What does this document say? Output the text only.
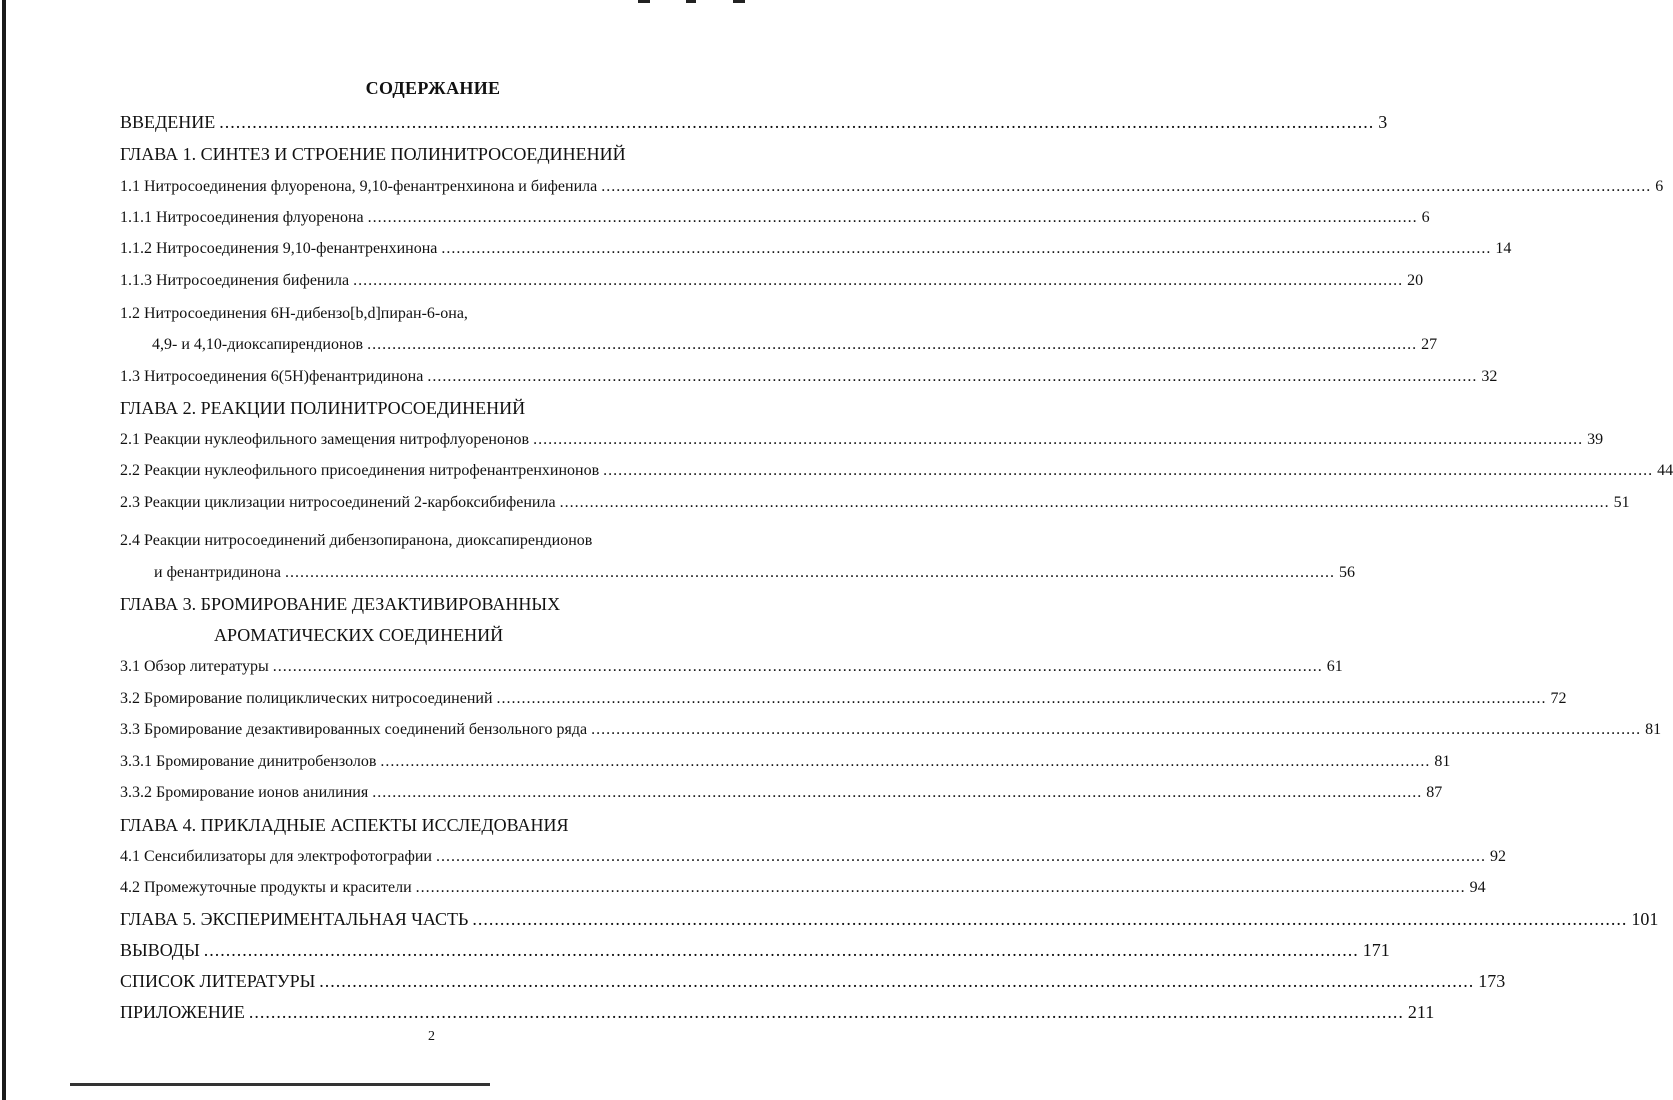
СОДЕРЖАНИЕ
ВВЕДЕНИЕ .................................................................................................................................................................................................................. 3
ГЛАВА 1. СИНТЕЗ И СТРОЕНИЕ ПОЛИНИТРОСОЕДИНЕНИЙ
1.1 Нитросоединения флуоренона, 9,10-фенантренхинона и бифенила .................................................................................................................................................................................................................. 6
1.1.1 Нитросоединения флуоренона .................................................................................................................................................................................................................. 6
1.1.2 Нитросоединения 9,10-фенантренхинона .................................................................................................................................................................................................................. 14
1.1.3 Нитросоединения бифенила .................................................................................................................................................................................................................. 20
1.2 Нитросоединения 6Н-дибензо[b,d]пиран-6-она,
4,9- и 4,10-диоксапирендионов .................................................................................................................................................................................................................. 27
1.3 Нитросоединения 6(5Н)фенантридинона .................................................................................................................................................................................................................. 32
ГЛАВА 2. РЕАКЦИИ ПОЛИНИТРОСОЕДИНЕНИЙ
2.1 Реакции нуклеофильного замещения нитрофлуоренонов .................................................................................................................................................................................................................. 39
2.2 Реакции нуклеофильного присоединения нитрофенантренхинонов .................................................................................................................................................................................................................. 44
2.3 Реакции циклизации нитросоединений 2-карбоксибифенила .................................................................................................................................................................................................................. 51
2.4 Реакции нитросоединений дибензопиранона, диоксапирендионов
и фенантридинона .................................................................................................................................................................................................................. 56
ГЛАВА 3. БРОМИРОВАНИЕ ДЕЗАКТИВИРОВАННЫХ
АРОМАТИЧЕСКИХ СОЕДИНЕНИЙ
3.1 Обзор литературы .................................................................................................................................................................................................................. 61
3.2 Бромирование полициклических нитросоединений .................................................................................................................................................................................................................. 72
3.3 Бромирование дезактивированных соединений бензольного ряда .................................................................................................................................................................................................................. 81
3.3.1 Бромирование динитробензолов .................................................................................................................................................................................................................. 81
3.3.2 Бромирование ионов анилиния .................................................................................................................................................................................................................. 87
ГЛАВА 4. ПРИКЛАДНЫЕ АСПЕКТЫ ИССЛЕДОВАНИЯ
4.1 Сенсибилизаторы для электрофотографии .................................................................................................................................................................................................................. 92
4.2 Промежуточные продукты и красители .................................................................................................................................................................................................................. 94
ГЛАВА 5. ЭКСПЕРИМЕНТАЛЬНАЯ ЧАСТЬ .................................................................................................................................................................................................................. 101
ВЫВОДЫ .................................................................................................................................................................................................................. 171
СПИСОК ЛИТЕРАТУРЫ .................................................................................................................................................................................................................. 173
ПРИЛОЖЕНИЕ .................................................................................................................................................................................................................. 211
2
